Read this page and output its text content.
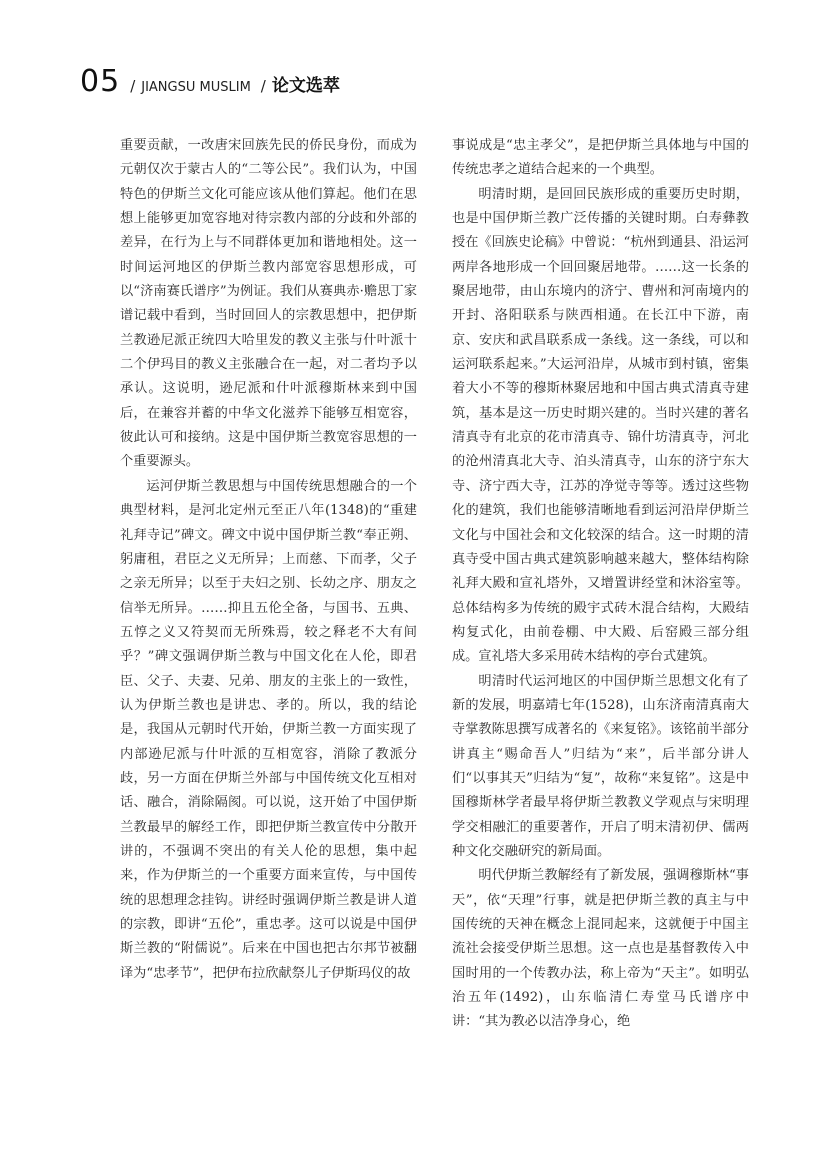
05 / JIANGSU MUSLIM / 论文选萃

重要贡献，一改唐宋回族先民的侨民身份，而成为元朝仅次于蒙古人的“二等公民”。我们认为，中国特色的伊斯兰文化可能应该从他们算起。他们在思想上能够更加宽容地对待宗教内部的分歧和外部的差异，在行为上与不同群体更加和谐地相处。这一时间运河地区的伊斯兰教内部宽容思想形成，可以“济南赛氏谱序”为例证。我们从赛典赤·赡思丁家谱记载中看到，当时回回人的宗教思想中，把伊斯兰教逊尼派正统四大哈里发的教义主张与什叶派十二个伊玛目的教义主张融合在一起，对二者均予以承认。这说明，逊尼派和什叶派穆斯林来到中国后，在兼容并蓄的中华文化滋养下能够互相宽容，彼此认可和接纳。这是中国伊斯兰教宽容思想的一个重要源头。

运河伊斯兰教思想与中国传统思想融合的一个典型材料，是河北定州元至正八年(1348)的“重建礼拜寺记”碑文。碑文中说中国伊斯兰教“奉正朔、躬庸租，君臣之义无所异；上而慈、下而孝，父子之亲无所异；以至于夫妇之别、长幼之序、朋友之信举无所异。……抑且五伦全备，与国书、五典、五惇之义又符契而无所殊焉，较之释老不大有间乎？”碑文强调伊斯兰教与中国文化在人伦，即君臣、父子、夫妻、兄弟、朋友的主张上的一致性，认为伊斯兰教也是讲忠、孝的。所以，我的结论是，我国从元朝时代开始，伊斯兰教一方面实现了内部逊尼派与什叶派的互相宽容，消除了教派分歧，另一方面在伊斯兰外部与中国传统文化互相对话、融合，消除隔阂。可以说，这开始了中国伊斯兰教最早的解经工作，即把伊斯兰教宣传中分散开讲的，不强调不突出的有关人伦的思想，集中起来，作为伊斯兰的一个重要方面来宣传，与中国传统的思想理念挂钩。讲经时强调伊斯兰教是讲人道的宗教，即讲“五伦”，重忠孝。这可以说是中国伊斯兰教的“附儒说”。后来在中国也把古尔邦节被翻译为“忠孝节”，把伊布拉欣献祭儿子伊斯玛仪的故

事说成是“忠主孝父”，是把伊斯兰具体地与中国的传统忠孝之道结合起来的一个典型。

明清时期，是回回民族形成的重要历史时期，也是中国伊斯兰教广泛传播的关键时期。白寿彝教授在《回族史论稿》中曾说：“杭州到通县、沿运河两岸各地形成一个回回聚居地带。……这一长条的聚居地带，由山东境内的济宁、曹州和河南境内的开封、洛阳联系与陕西相通。在长江中下游，南京、安庆和武昌联系成一条线。这一条线，可以和运河联系起来。”大运河沿岸，从城市到村镇，密集着大小不等的穆斯林聚居地和中国古典式清真寺建筑，基本是这一历史时期兴建的。当时兴建的著名清真寺有北京的花市清真寺、锦什坊清真寺，河北的沧州清真北大寺、泊头清真寺，山东的济宁东大寺、济宁西大寺，江苏的净觉寺等等。透过这些物化的建筑，我们也能够清晰地看到运河沿岸伊斯兰文化与中国社会和文化较深的结合。这一时期的清真寺受中国古典式建筑影响越来越大，整体结构除礼拜大殿和宣礼塔外，又增置讲经堂和沐浴室等。总体结构多为传统的殿宇式砖木混合结构，大殿结构复式化，由前卷棚、中大殿、后窑殿三部分组成。宣礼塔大多采用砖木结构的亭台式建筑。

明清时代运河地区的中国伊斯兰思想文化有了新的发展，明嘉靖七年(1528)，山东济南清真南大寺掌教陈思撰写成著名的《来复铭》。该铭前半部分讲真主“赐命吾人”归结为“来”，后半部分讲人们“以事其天”归结为“复”，故称“来复铭”。这是中国穆斯林学者最早将伊斯兰教教义学观点与宋明理学交相融汇的重要著作，开启了明末清初伊、儒两种文化交融研究的新局面。

明代伊斯兰教解经有了新发展，强调穆斯林“事天”，依“天理”行事，就是把伊斯兰教的真主与中国传统的天神在概念上混同起来，这就便于中国主流社会接受伊斯兰思想。这一点也是基督教传入中国时用的一个传教办法，称上帝为“天主”。如明弘治五年(1492)，山东临清仁寿堂马氏谱序中讲：“其为教必以洁净身心，绝
